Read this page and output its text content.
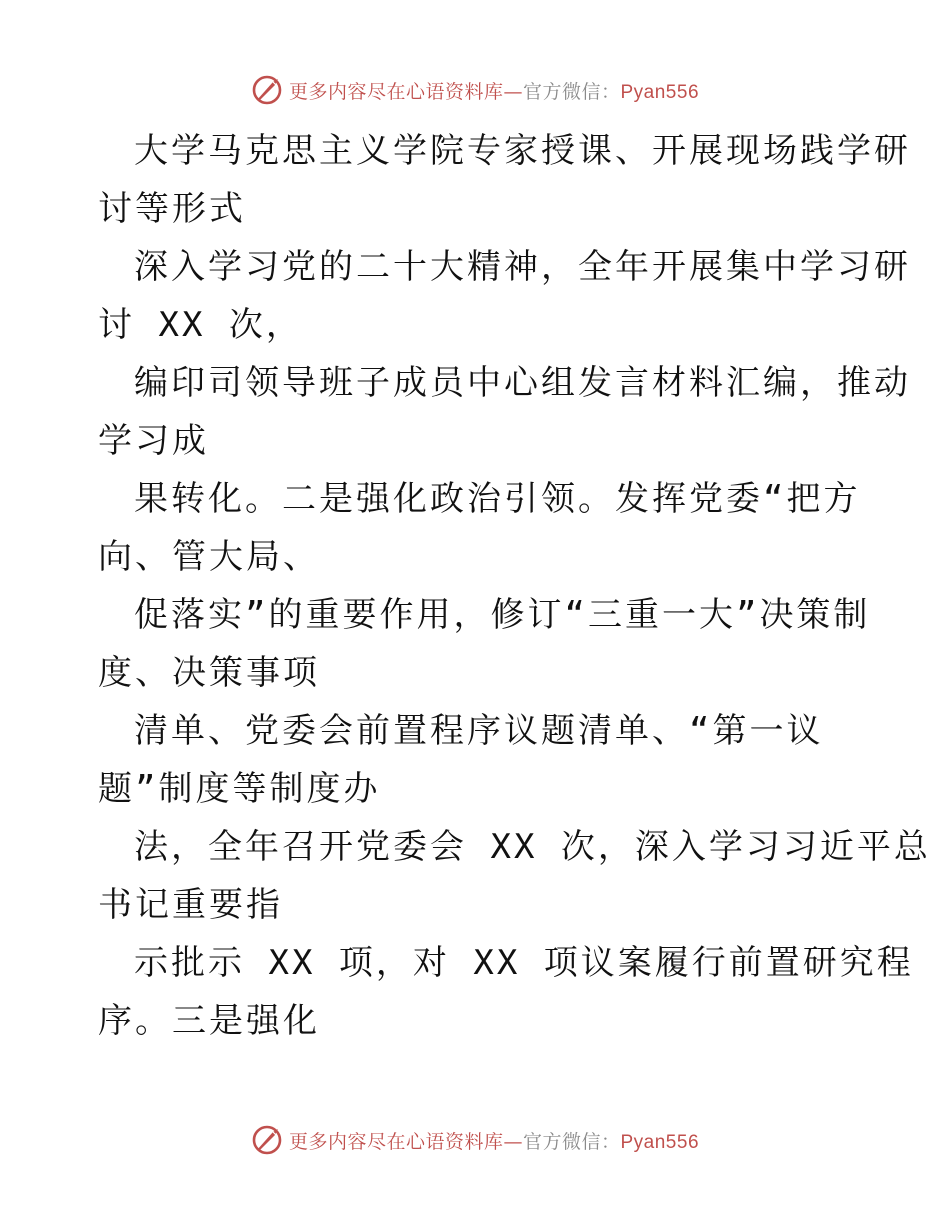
更多内容尽在心语资料库—官方微信：Pyan556
大学马克思主义学院专家授课、开展现场践学研
讨等形式
深入学习党的二十大精神，全年开展集中学习研
讨 XX 次，
编印司领导班子成员中心组发言材料汇编，推动
学习成
果转化。二是强化政治引领。发挥党委“把方
向、管大局、
促落实”的重要作用，修订“三重一大”决策制
度、决策事项
清单、党委会前置程序议题清单、“第一议
题”制度等制度办
法，全年召开党委会 XX 次，深入学习习近平总
书记重要指
示批示 XX 项，对 XX 项议案履行前置研究程
序。三是强化
更多内容尽在心语资料库—官方微信：Pyan556
